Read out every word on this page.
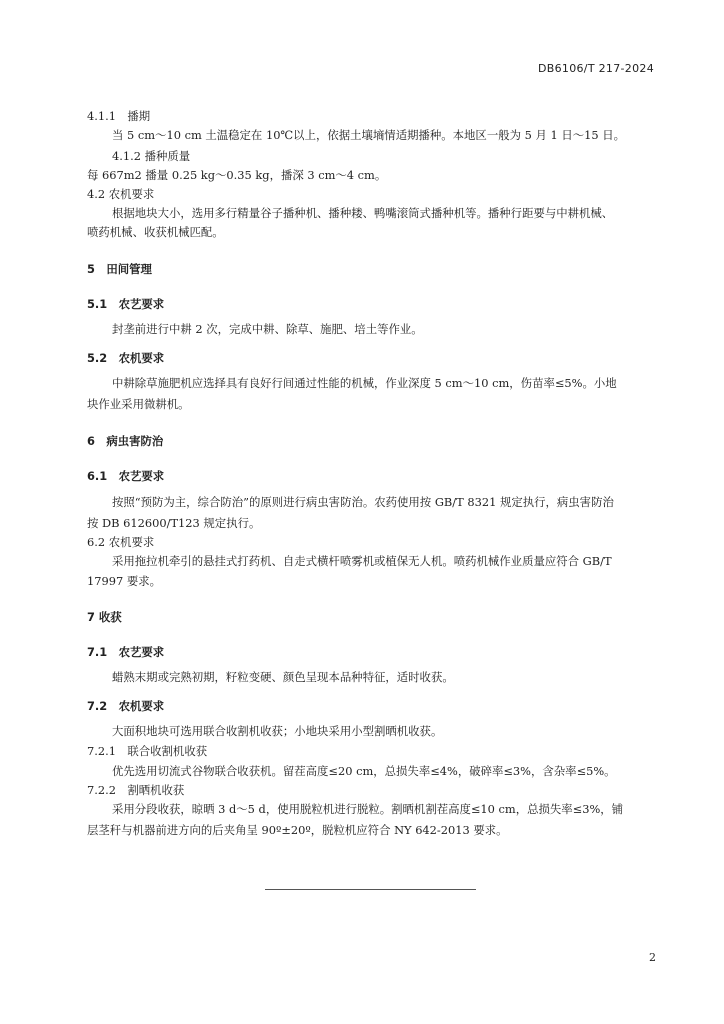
DB6106/T 217-2024
4.1.1　播期
当 5 cm～10 cm 土温稳定在 10℃以上，依据土壤墒情适期播种。本地区一般为 5 月 1 日～15 日。
4.1.2 播种质量
每 667m2 播量 0.25 kg～0.35 kg，播深 3 cm～4 cm。
4.2 农机要求
根据地块大小，选用多行精量谷子播种机、播种耧、鸭嘴滚筒式播种机等。播种行距要与中耕机械、
喷药机械、收获机械匹配。
5　田间管理
5.1　农艺要求
封垄前进行中耕 2 次，完成中耕、除草、施肥、培土等作业。
5.2　农机要求
中耕除草施肥机应选择具有良好行间通过性能的机械，作业深度 5 cm～10 cm，伤苗率≤5%。小地
块作业采用微耕机。
6　病虫害防治
6.1　农艺要求
按照“预防为主，综合防治”的原则进行病虫害防治。农药使用按 GB/T 8321 规定执行，病虫害防治
按 DB 612600/T123 规定执行。
6.2 农机要求
采用拖拉机牵引的悬挂式打药机、自走式横杆喷雾机或植保无人机。喷药机械作业质量应符合 GB/T
17997 要求。
7 收获
7.1　农艺要求
蜡熟末期或完熟初期，籽粒变硬、颜色呈现本品种特征，适时收获。
7.2　农机要求
大面积地块可选用联合收割机收获；小地块采用小型割晒机收获。
7.2.1　联合收割机收获
优先选用切流式谷物联合收获机。留茬高度≤20 cm，总损失率≤4%，破碎率≤3%，含杂率≤5%。
7.2.2　割晒机收获
采用分段收获，晾晒 3 d～5 d，使用脱粒机进行脱粒。割晒机割茬高度≤10 cm，总损失率≤3%，铺
层茎秆与机器前进方向的后夹角呈 90º±20º，脱粒机应符合 NY 642-2013 要求。
2
